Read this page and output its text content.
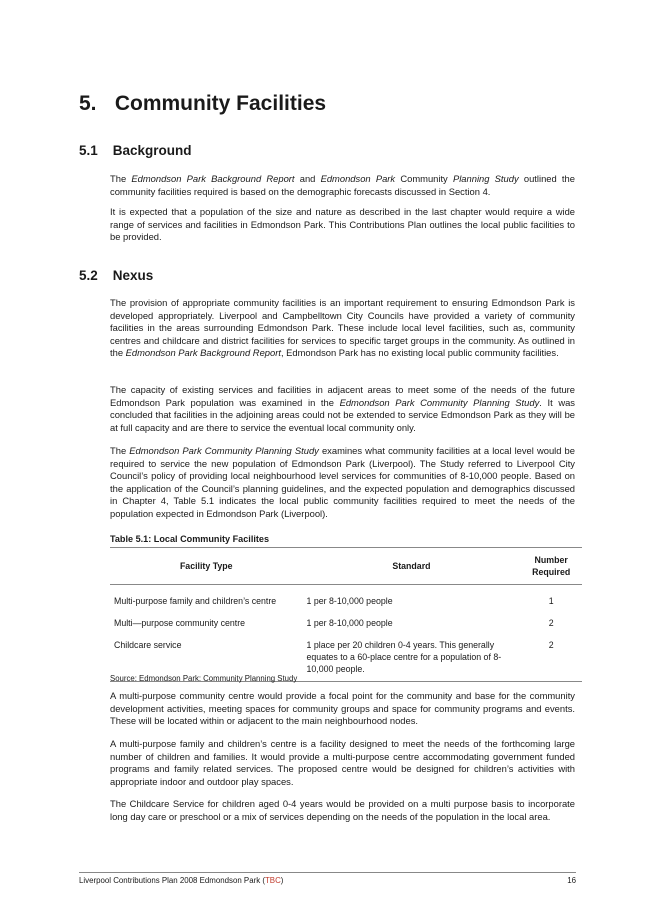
5. Community Facilities
5.1 Background

The Edmondson Park Background Report and Edmondson Park Community Planning Study outlined the community facilities required is based on the demographic forecasts discussed in Section 4.

It is expected that a population of the size and nature as described in the last chapter would require a wide range of services and facilities in Edmondson Park. This Contributions Plan outlines the local public facilities to be provided.

5.2 Nexus

The provision of appropriate community facilities is an important requirement to ensuring Edmondson Park is developed appropriately. Liverpool and Campbelltown City Councils have provided a variety of community facilities in the areas surrounding Edmondson Park. These include local level facilities, such as, community centres and childcare and district facilities for services to specific target groups in the community. As outlined in the Edmondson Park Background Report, Edmondson Park has no existing local public community facilities.

The capacity of existing services and facilities in adjacent areas to meet some of the needs of the future Edmondson Park population was examined in the Edmondson Park Community Planning Study. It was concluded that facilities in the adjoining areas could not be extended to service Edmondson Park as they will be at full capacity and are there to service the eventual local community only.

The Edmondson Park Community Planning Study examines what community facilities at a local level would be required to service the new population of Edmondson Park (Liverpool). The Study referred to Liverpool City Council’s policy of providing local neighbourhood level services for communities of 8-10,000 people. Based on the application of the Council’s planning guidelines, and the expected population and demographics discussed in Chapter 4, Table 5.1 indicates the local public community facilities required to meet the needs of the population expected in Edmondson Park (Liverpool).

Table 5.1: Local Community Facilites

Facility Type	Standard	Number Required
Multi-purpose family and children’s centre	1 per 8-10,000 people	1
Multi—purpose community centre	1 per 8-10,000 people	2
Childcare service	1 place per 20 children 0-4 years. This generally equates to a 60-place centre for a population of 8-10,000 people.	2

Source: Edmondson Park: Community Planning Study

A multi-purpose community centre would provide a focal point for the community and base for the community development activities, meeting spaces for community groups and space for community programs and events. These will be located within or adjacent to the main neighbourhood nodes.

A multi-purpose family and children’s centre is a facility designed to meet the needs of the forthcoming large number of children and families. It would provide a multi-purpose centre accommodating government funded programs and family related services. The proposed centre would be designed for children’s activities with appropriate indoor and outdoor play spaces.

The Childcare Service for children aged 0-4 years would be provided on a multi purpose basis to incorporate long day care or preschool or a mix of services depending on the needs of the population in the local area.

Liverpool Contributions Plan 2008 Edmondson Park (TBC)	16
